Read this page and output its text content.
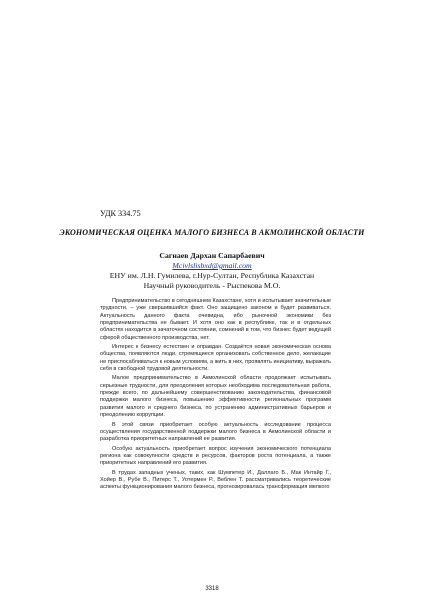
УДК 334.75
ЭКОНОМИЧЕСКАЯ ОЦЕНКА МАЛОГО БИЗНЕСА В АКМОЛИНСКОЙ ОБЛАСТИ
Сагнаев Дархан Сапарбаевич
Mcivlslisbxd@gmail.com
ЕНУ им. Л.Н. Гумилева, г.Нур-Султан, Республика Казахстан
Научный руководитель - Рыспекова М.О.

Предпринимательство в сегодняшнем Казахстане, хотя и испытывает значительные трудности, – уже свершившийся факт. Оно защищено законом и будет развиваться. Актуальность данного факта очевидна, ибо рыночной экономики без предпринимательства не бывает. И хотя оно как в республике, так и в отдельных областях находится в зачаточном состоянии, сомнений в том, что бизнес будет ведущей сферой общественного производства, нет.

Интерес к бизнесу естествен и оправдан. Создаётся новая экономическая основа общества, появляются люди, стремящиеся организовать собственное дело, желающие не приспосабливаться к новым условиям, а жить в них, проявлять инициативу, выражать себя в свободной трудовой деятельности.

Малое предпринимательство в Акмолинской области продолжает испытывать серьезные трудности, для преодоления которых необходима последовательная работа, прежде всего, по дальнейшему совершенствованию законодательства, финансовой поддержки малого бизнеса, повышению эффективности региональных программ развития малого и среднего бизнеса, по устранению административных барьеров и преодолению коррупции.

В этой связи приобретает особую актуальность исследование процесса осуществления государственной поддержки малого бизнеса в Акмолинской области и разработка приоритетных направлений ее развития.

Особую актуальность приобретает вопрос изучения экономического потенциала региона как совокупности средств и ресурсов, факторов роста потенциала, а также приоритетных направлений его развития.

В трудах западных ученых, таких, как Шумпетер И., Даллаго Б., Мак Интайр Г., Хойер В., Рубе В., Питерс Т., Уотермен Р., Веблен Т. рассматривались теоретические аспекты функционирования малого бизнеса, прогнозировалась трансформация мелкого

3318
